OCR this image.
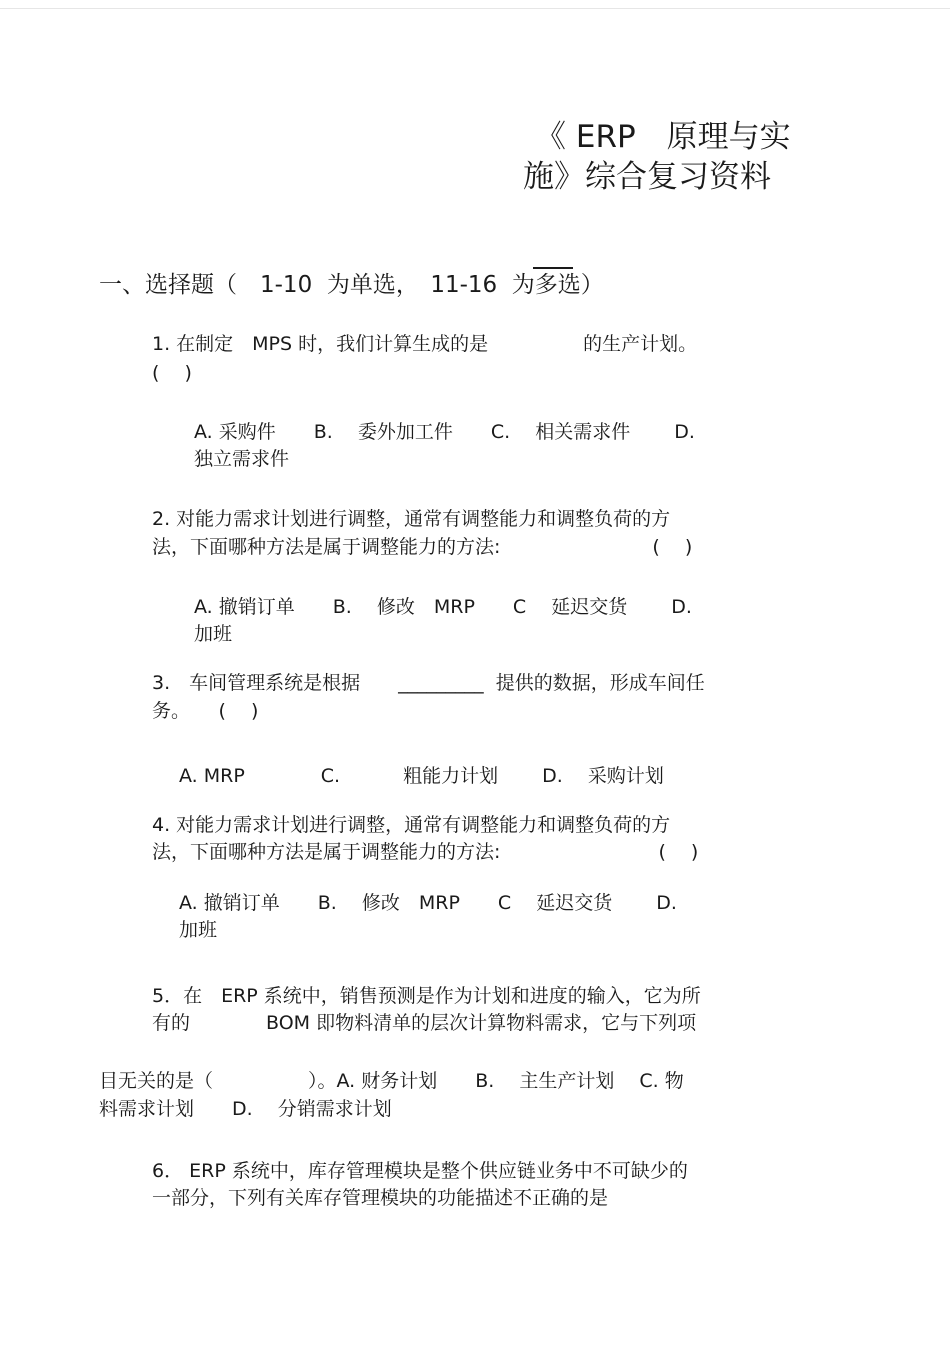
《 ERP　原理与实
施》综合复习资料
一、选择题（　1-10  为单选，　11-16  为多选）
1. 在制定　MPS 时，我们计算生成的是　　　　　的生产计划。
(　 )
A. 采购件　　B.　 委外加工件　　C.　 相关需求件　　 D.
独立需求件
2. 对能力需求计划进行调整，通常有调整能力和调整负荷的方
法，下面哪种方法是属于调整能力的方法:　　　　　　　　(　 )
A. 撤销订单　　B.　 修改　MRP　　C　 延迟交货　　 D.
加班
3.　车间管理系统是根据　　_________  提供的数据，形成车间任
务。　　(　 )
A. MRP　　　　C.　　　 粗能力计划　　 D.　 采购计划
4. 对能力需求计划进行调整，通常有调整能力和调整负荷的方
法，下面哪种方法是属于调整能力的方法:　　　　　　　　 (　 )
A. 撤销订单　　B.　 修改　MRP　　C　 延迟交货　　 D.
加班
5．在　ERP 系统中，销售预测是作为计划和进度的输入，它为所
有的　　　　BOM 即物料清单的层次计算物料需求，它与下列项
目无关的是（　　　　　）。A. 财务计划　　B.　 主生产计划　 C. 物
料需求计划　　D.　 分销需求计划
6． ERP 系统中，库存管理模块是整个供应链业务中不可缺少的
一部分，下列有关库存管理模块的功能描述不正确的是
